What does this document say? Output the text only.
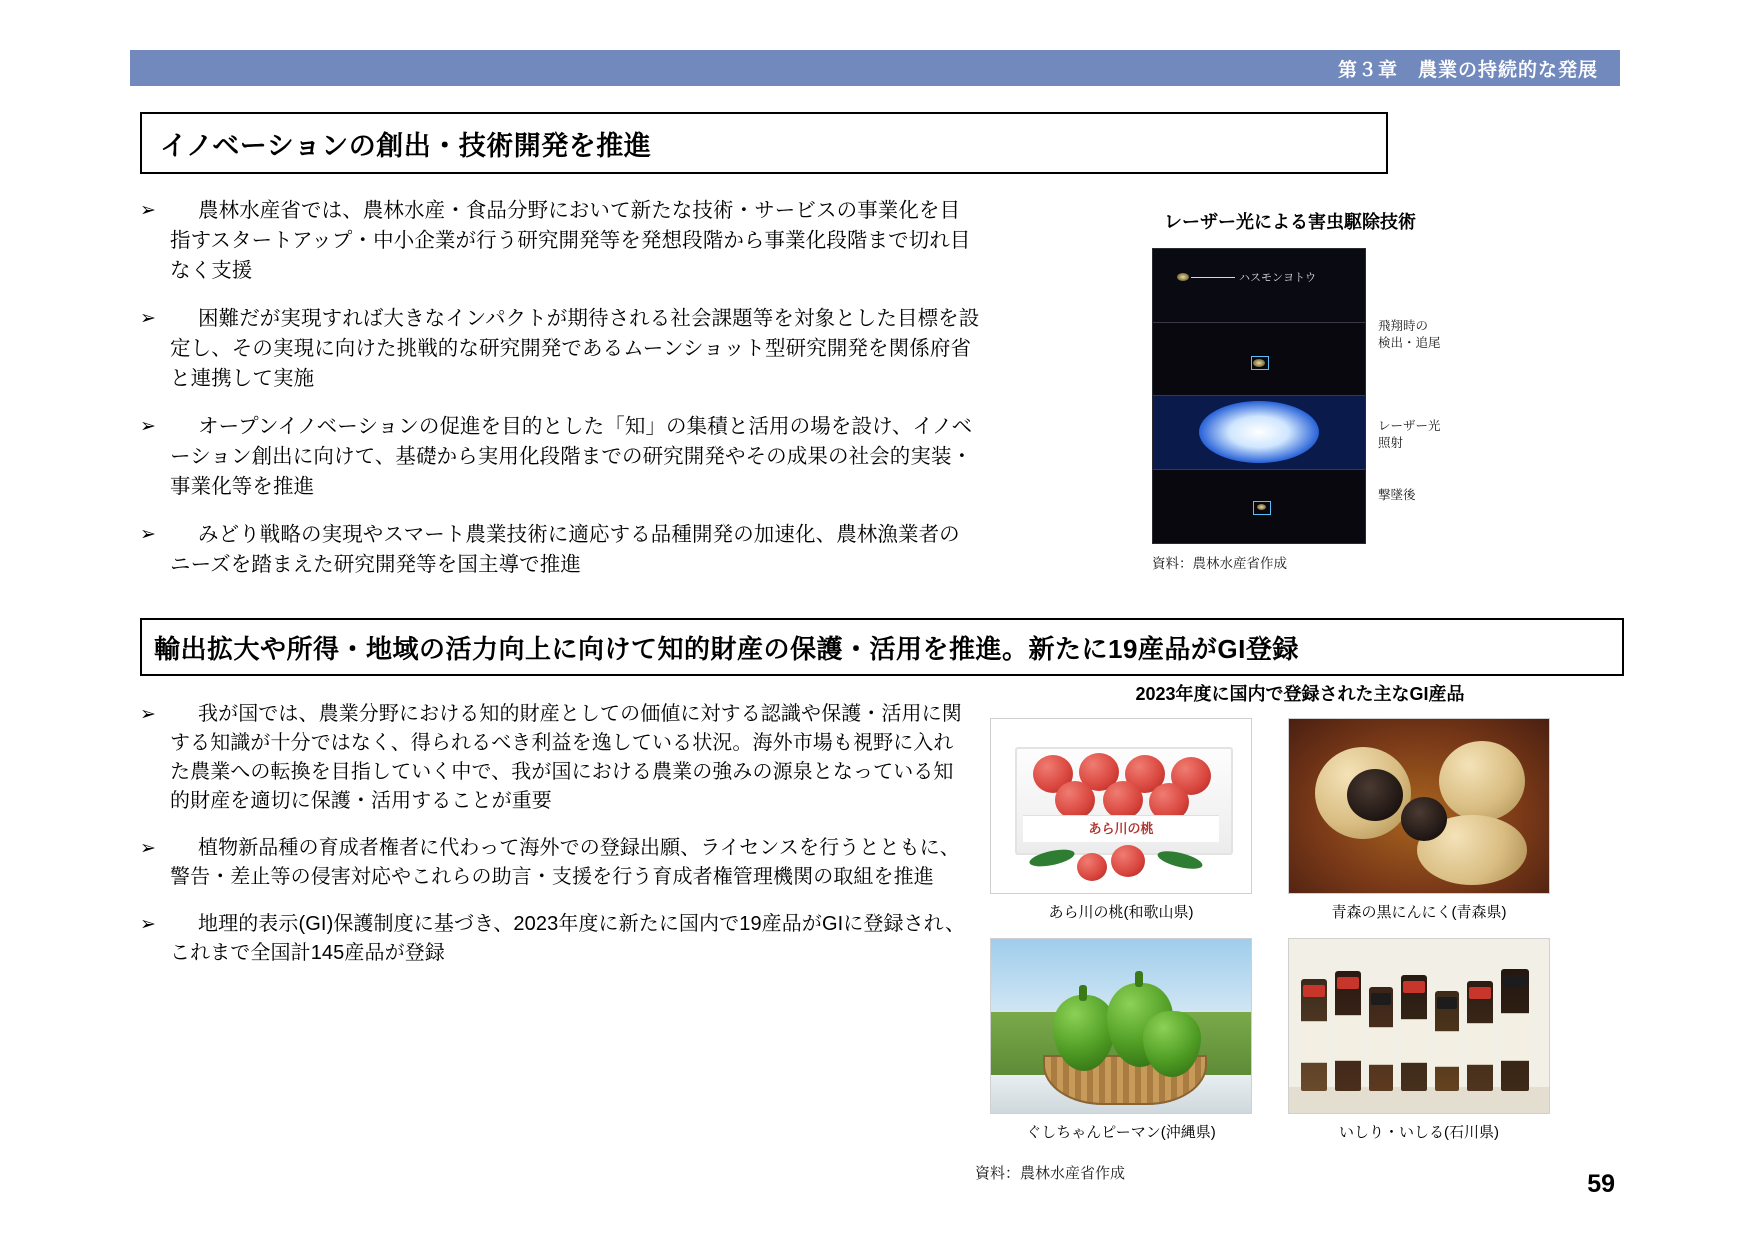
第３章　農業の持続的な発展
イノベーションの創出・技術開発を推進
➢	農林水産省では、農林水産・食品分野において新たな技術・サービスの事業化を目指すスタートアップ・中小企業が行う研究開発等を発想段階から事業化段階まで切れ目なく支援
➢	困難だが実現すれば大きなインパクトが期待される社会課題等を対象とした目標を設定し、その実現に向けた挑戦的な研究開発であるムーンショット型研究開発を関係府省と連携して実施
➢	オープンイノベーションの促進を目的とした「知」の集積と活用の場を設け、イノベーション創出に向けて、基礎から実用化段階までの研究開発やその成果の社会的実装・事業化等を推進
➢	みどり戦略の実現やスマート農業技術に適応する品種開発の加速化、農林漁業者のニーズを踏まえた研究開発等を国主導で推進
レーザー光による害虫駆除技術
ハスモンヨトウ
飛翔時の
検出・追尾
レーザー光
照射
撃墜後
資料：農林水産省作成
輸出拡大や所得・地域の活力向上に向けて知的財産の保護・活用を推進。新たに19産品がGI登録
➢	我が国では、農業分野における知的財産としての価値に対する認識や保護・活用に関する知識が十分ではなく、得られるべき利益を逸している状況。海外市場も視野に入れた農業への転換を目指していく中で、我が国における農業の強みの源泉となっている知的財産を適切に保護・活用することが重要
➢	植物新品種の育成者権者に代わって海外での登録出願、ライセンスを行うとともに、警告・差止等の侵害対応やこれらの助言・支援を行う育成者権管理機関の取組を推進
➢	地理的表示(GI)保護制度に基づき、2023年度に新たに国内で19産品がGIに登録され、これまで全国計145産品が登録
2023年度に国内で登録された主なGI産品
あら川の桃
あら川の桃(和歌山県)	青森の黒にんにく(青森県)
ぐしちゃんピーマン(沖縄県)	いしり・いしる(石川県)
資料：農林水産省作成	59
